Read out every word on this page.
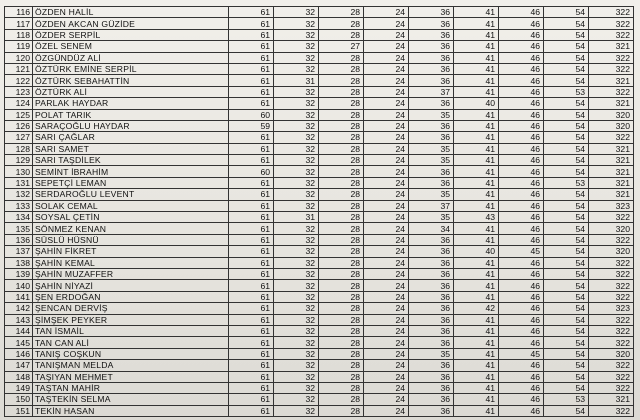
116	ÖZDEN HALİL	61	32	28	24	36	41	46	54	322
117	ÖZDEN AKCAN GÜZİDE	61	32	28	24	36	41	46	54	322
118	ÖZDER SERPİL	61	32	28	24	36	41	46	54	322
119	ÖZEL SENEM	61	32	27	24	36	41	46	54	321
120	ÖZGÜNDÜZ ALİ	61	32	28	24	36	41	46	54	322
121	ÖZTÜRK EMİNE SERPİL	61	32	28	24	36	41	46	54	322
122	ÖZTÜRK SEBAHATTİN	61	31	28	24	36	41	46	54	321
123	ÖZTÜRK ALİ	61	32	28	24	37	41	46	53	322
124	PARLAK HAYDAR	61	32	28	24	36	40	46	54	321
125	POLAT TARIK	60	32	28	24	35	41	46	54	320
126	SARAÇOĞLU HAYDAR	59	32	28	24	36	41	46	54	320
127	SARI ÇAĞLAR	61	32	28	24	36	41	46	54	322
128	SARI SAMET	61	32	28	24	35	41	46	54	321
129	SARI TAŞDİLEK	61	32	28	24	35	41	46	54	321
130	SEMİNT İBRAHİM	60	32	28	24	36	41	46	54	321
131	SEPETÇİ LEMAN	61	32	28	24	36	41	46	53	321
132	SERDAROĞLU LEVENT	61	32	28	24	35	41	46	54	321
133	SOLAK CEMAL	61	32	28	24	37	41	46	54	323
134	SOYSAL ÇETİN	61	31	28	24	35	43	46	54	322
135	SÖNMEZ KENAN	61	32	28	24	34	41	46	54	320
136	SÜSLÜ HÜSNÜ	61	32	28	24	36	41	46	54	322
137	ŞAHİN FİKRET	61	32	28	24	36	40	45	54	320
138	ŞAHİN KEMAL	61	32	28	24	36	41	46	54	322
139	ŞAHİN MUZAFFER	61	32	28	24	36	41	46	54	322
140	ŞAHİN NİYAZİ	61	32	28	24	36	41	46	54	322
141	ŞEN ERDOĞAN	61	32	28	24	36	41	46	54	322
142	ŞENCAN DERVİŞ	61	32	28	24	36	42	46	54	323
143	ŞİMŞEK PEYKER	61	32	28	24	36	41	46	54	322
144	TAN İSMAİL	61	32	28	24	36	41	46	54	322
145	TAN CAN ALİ	61	32	28	24	36	41	46	54	322
146	TANIŞ COŞKUN	61	32	28	24	35	41	45	54	320
147	TANIŞMAN MELDA	61	32	28	24	36	41	46	54	322
148	TAŞIYAN MEHMET	61	32	28	24	36	41	46	54	322
149	TAŞTAN MAHİR	61	32	28	24	36	41	46	54	322
150	TAŞTEKİN SELMA	61	32	28	24	36	41	46	53	321
151	TEKİN HASAN	61	32	28	24	36	41	46	54	322
